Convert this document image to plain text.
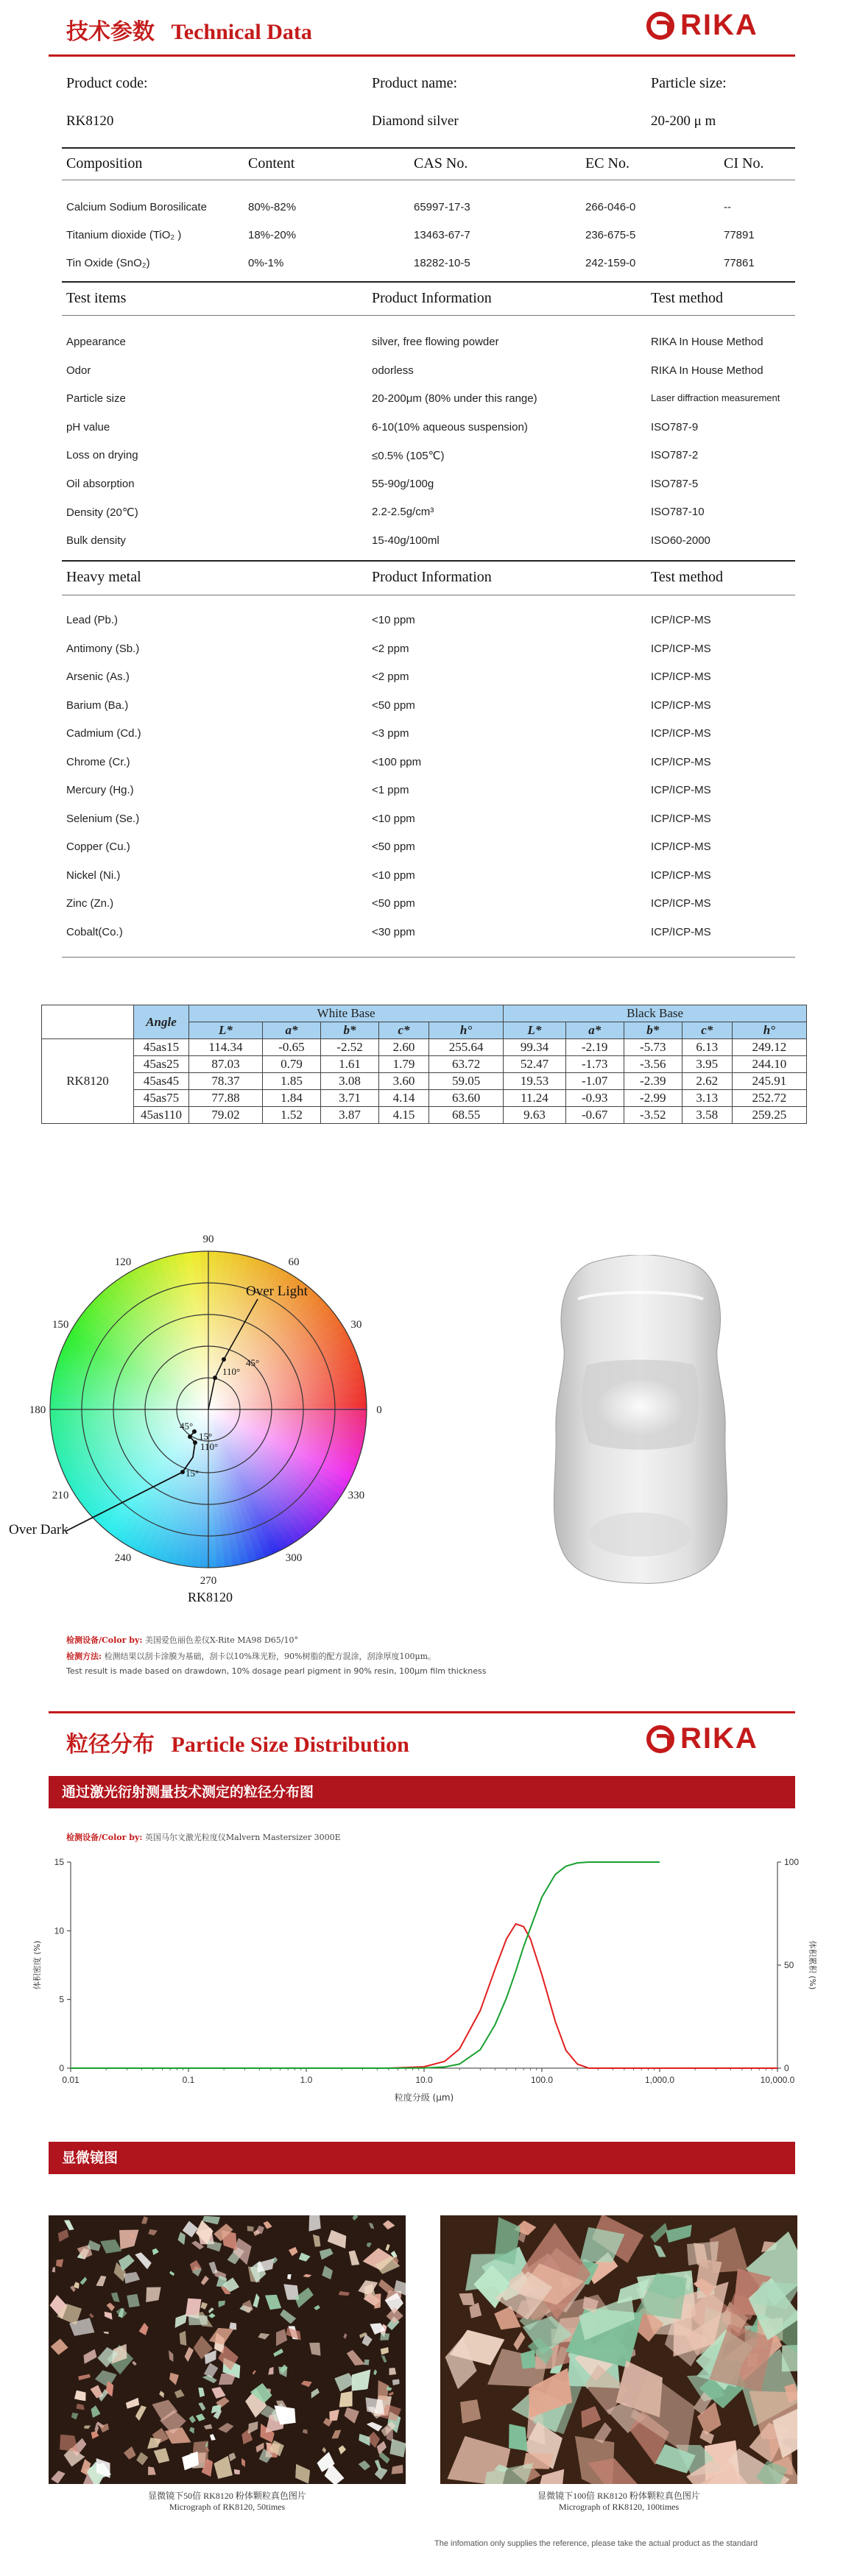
技术参数 Technical Data	RIKA
Product code:	Product name:	Particle size:
RK8120	Diamond silver	20-200 μ m
Composition	Content	CAS No.	EC No.	CI No.
Calcium Sodium Borosilicate	80%-82%	65997-17-3	266-046-0	--
Titanium dioxide (TiO₂ )	18%-20%	13463-67-7	236-675-5	77891
Tin Oxide (SnO₂)	0%-1%	18282-10-5	242-159-0	77861
Test items	Product Information	Test method
Appearance	silver, free flowing powder	RIKA In House Method
Odor	odorless	RIKA In House Method
Particle size	20-200μm (80% under this range)	Laser diffraction measurement
pH value	6-10(10% aqueous suspension)	ISO787-9
Loss on drying	≤0.5% (105℃)	ISO787-2
Oil absorption	55-90g/100g	ISO787-5
Density (20℃)	2.2-2.5g/cm³	ISO787-10
Bulk density	15-40g/100ml	ISO60-2000
Heavy metal	Product Information	Test method
Lead (Pb.)	<10 ppm	ICP/ICP-MS
Antimony (Sb.)	<2 ppm	ICP/ICP-MS
Arsenic (As.)	<2 ppm	ICP/ICP-MS
Barium (Ba.)	<50 ppm	ICP/ICP-MS
Cadmium (Cd.)	<3 ppm	ICP/ICP-MS
Chrome (Cr.)	<100 ppm	ICP/ICP-MS
Mercury (Hg.)	<1 ppm	ICP/ICP-MS
Selenium (Se.)	<10 ppm	ICP/ICP-MS
Copper (Cu.)	<50 ppm	ICP/ICP-MS
Nickel (Ni.)	<10 ppm	ICP/ICP-MS
Zinc (Zn.)	<50 ppm	ICP/ICP-MS
Cobalt(Co.)	<30 ppm	ICP/ICP-MS
	Angle	White Base					Black Base				
		L*	a*	b*	c*	h°	L*	a*	b*	c*	h°
RK8120	45as15	114.34	-0.65	-2.52	2.60	255.64	99.34	-2.19	-5.73	6.13	249.12
	45as25	87.03	0.79	1.61	1.79	63.72	52.47	-1.73	-3.56	3.95	244.10
	45as45	78.37	1.85	3.08	3.60	59.05	19.53	-1.07	-2.39	2.62	245.91
	45as75	77.88	1.84	3.71	4.14	63.60	11.24	-0.93	-2.99	3.13	252.72
	45as110	79.02	1.52	3.87	4.15	68.55	9.63	-0.67	-3.52	3.58	259.25
90
60
30
0
330
300
270
240
210
180
150
120
110°
45°
Over Light
45°
15°
110°
15°
Over Dark
RK8120
检测设备/Color by: 美国爱色丽色差仪X-Rite MA98 D65/10°
检测方法: 检测结果以刮卡涂膜为基础，刮卡以10%珠光粉，90%树脂的配方混涂，刮涂厚度100μm。
Test result is made based on drawdown, 10% dosage pearl pigment in 90% resin, 100μm film thickness
粒径分布 Particle Size Distribution	RIKA
通过激光衍射测量技术测定的粒径分布图
检测设备/Color by: 英国马尔文激光粒度仪Malvern Mastersizer 3000E
0.01	0.1	1.0	10.0	100.0	1,000.0	10,000.0
0
5
10
15
0
50
100
粒度分级 (μm)
体积密度 (%)	体积累积 (%)
显微镜图
显微镜下50倍 RK8120 粉体颗粒真色图片
Micrograph of RK8120, 50times
显微镜下100倍 RK8120 粉体颗粒真色图片
Micrograph of RK8120, 100times
The infomation only supplies the reference, please take the actual product as the standard
